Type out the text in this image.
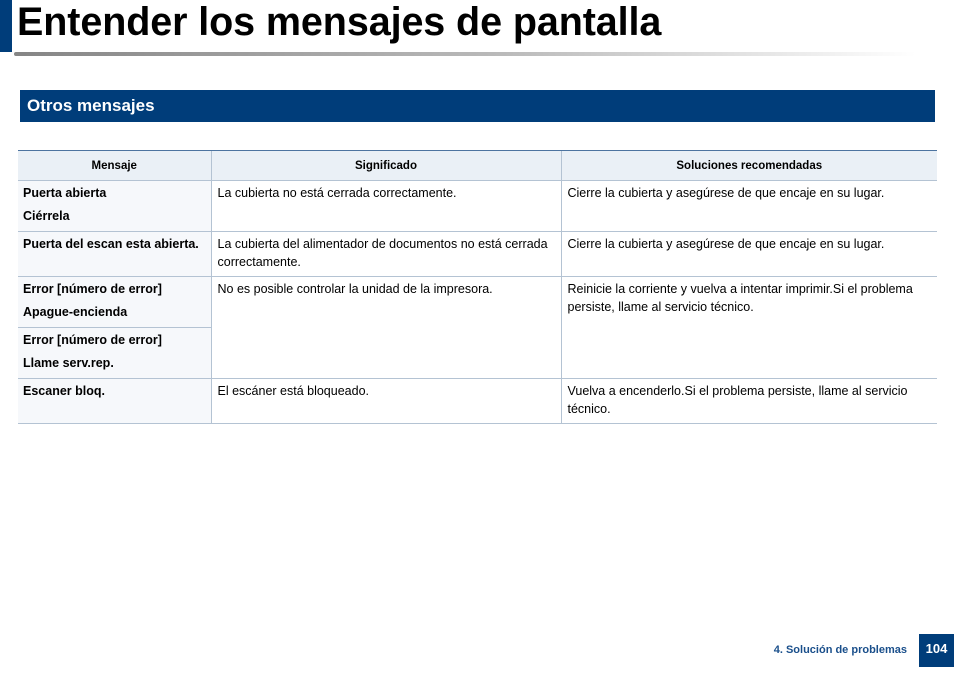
Entender los mensajes de pantalla
Otros mensajes
Mensaje	Significado	Soluciones recomendadas

Puerta abierta
Ciérrela	La cubierta no está cerrada correctamente.	Cierre la cubierta y asegúrese de que encaje en su lugar.

Puerta del escan esta abierta.	La cubierta del alimentador de documentos no está cerrada correctamente.	Cierre la cubierta y asegúrese de que encaje en su lugar.

Error [número de error]
Apague-encienda	No es posible controlar la unidad de la impresora.	Reinicie la corriente y vuelva a intentar imprimir.Si el problema persiste, llame al servicio técnico.

Error [número de error]
Llame serv.rep.		

Escaner bloq.	El escáner está bloqueado.	Vuelva a encenderlo.Si el problema persiste, llame al servicio técnico.
4. Solución de problemas	104
